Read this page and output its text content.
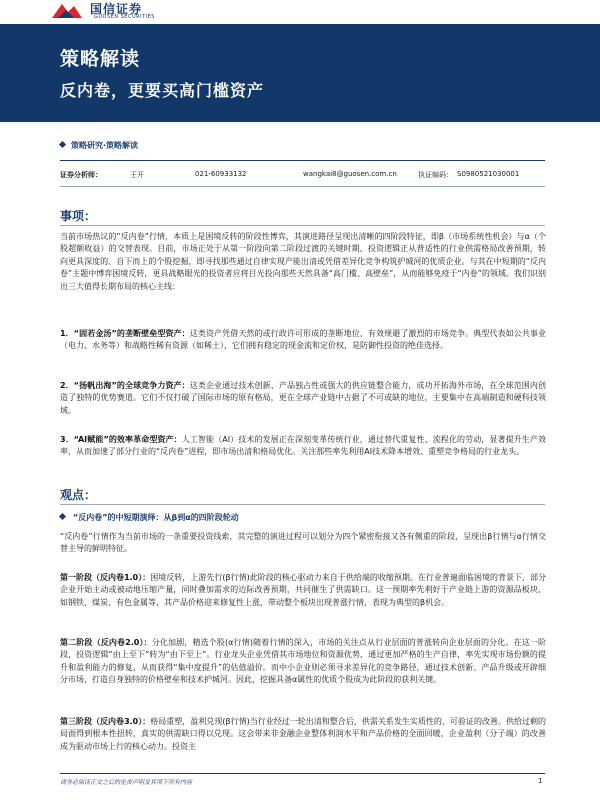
国信证券
GUOSEN SECURITIES
策略解读
反内卷，更要买高门槛资产
策略研究·策略解读
证券分析师：	王开	021-60933132	wangkai8@guosen.com.cn	执证编码： S0980521030001
事项：

当前市场热议的“反内卷”行情，本质上是困境反转的阶段性博弈，其演进路径呈现出清晰的四阶段特征，即β（市场系统性机会）与α（个股超额收益）的交替表现。目前，市场正处于从第一阶段向第二阶段过渡的关键时期，投资逻辑正从普适性的行业供需格局改善预期，转向更具深度的、自下而上的个股挖掘，即寻找那些通过自律实现产能出清或凭借差异化竞争构筑护城河的优质企业。与其在中短期的“反内卷”主题中博弈困境反转，更具战略眼光的投资者应将目光投向那些天然具备“高门槛、高壁垒”，从而能够免疫于“内卷”的领域。我们识别出三大值得长期布局的核心主线：

1．“固若金汤”的垄断壁垒型资产：这类资产凭借天然的或行政许可形成的垄断地位，有效规避了激烈的市场竞争。典型代表如公共事业（电力、水务等）和战略性稀有资源（如稀土），它们拥有稳定的现金流和定价权，是防御性投资的绝佳选择。

2．“扬帆出海”的全球竞争力资产：这类企业通过技术创新、产品独占性或强大的供应链整合能力，成功开拓海外市场，在全球范围内创造了独特的优势赛道。它们不仅打破了国际市场的原有格局，更在全球产业链中占据了不可或缺的地位，主要集中在高端制造和硬科技领域。

3．“AI赋能”的效率革命型资产：人工智能（AI）技术的发展正在深刻变革传统行业，通过替代重复性、流程化的劳动，显著提升生产效率，从而加速了部分行业的“反内卷”进程，即市场出清和格局优化。关注那些率先利用AI技术降本增效、重塑竞争格局的行业龙头。

观点：
“反内卷”的中短期演绎：从β到α的四阶段轮动

“反内卷”行情作为当前市场的一条重要投资线索，其完整的演进过程可以划分为四个紧密衔接又各有侧重的阶段，呈现出β行情与α行情交替主导的鲜明特征。

第一阶段（反内卷1.0）：困境反转，上游先行(β行情)此阶段的核心驱动力来自于供给端的收缩预期。在行业普遍面临困境的背景下，部分企业开始主动或被动地压缩产量，同时叠加需求的边际改善预期，共同催生了供需缺口。这一预期率先利好于产业链上游的资源品板块，如钢铁、煤炭、有色金属等，其产品价格迎来修复性上涨，带动整个板块出现普涨行情，表现为典型的β机会。

第二阶段（反内卷2.0）：分化加剧，精选个股(α行情)随着行情的深入，市场的关注点从行业层面的普涨转向企业层面的分化。在这一阶段，投资逻辑“由上至下”转为“由下至上”。行业龙头企业凭借其市场地位和资源优势，通过更加严格的生产自律，率先实现市场份额的提升和盈利能力的修复，从而获得“集中度提升”的估值溢价。而中小企业则必须寻求差异化的竞争路径，通过技术创新、产品升级或开辟细分市场，打造自身独特的价格壁垒和技术护城河。因此，挖掘具备α属性的优质个股成为此阶段的获利关键。

第三阶段（反内卷3.0）：格局重塑，盈利兑现(β行情)当行业经过一轮出清和整合后，供需关系发生实质性的、可验证的改善。供给过剩的局面得到根本性扭转，真实的供需缺口得以兑现。这会带来非金融企业整体利润水平和产品价格的全面回暖，企业盈利（分子端）的改善成为驱动市场上行的核心动力。投资主

请务必阅读正文之后的免责声明及其项下所有内容	1
